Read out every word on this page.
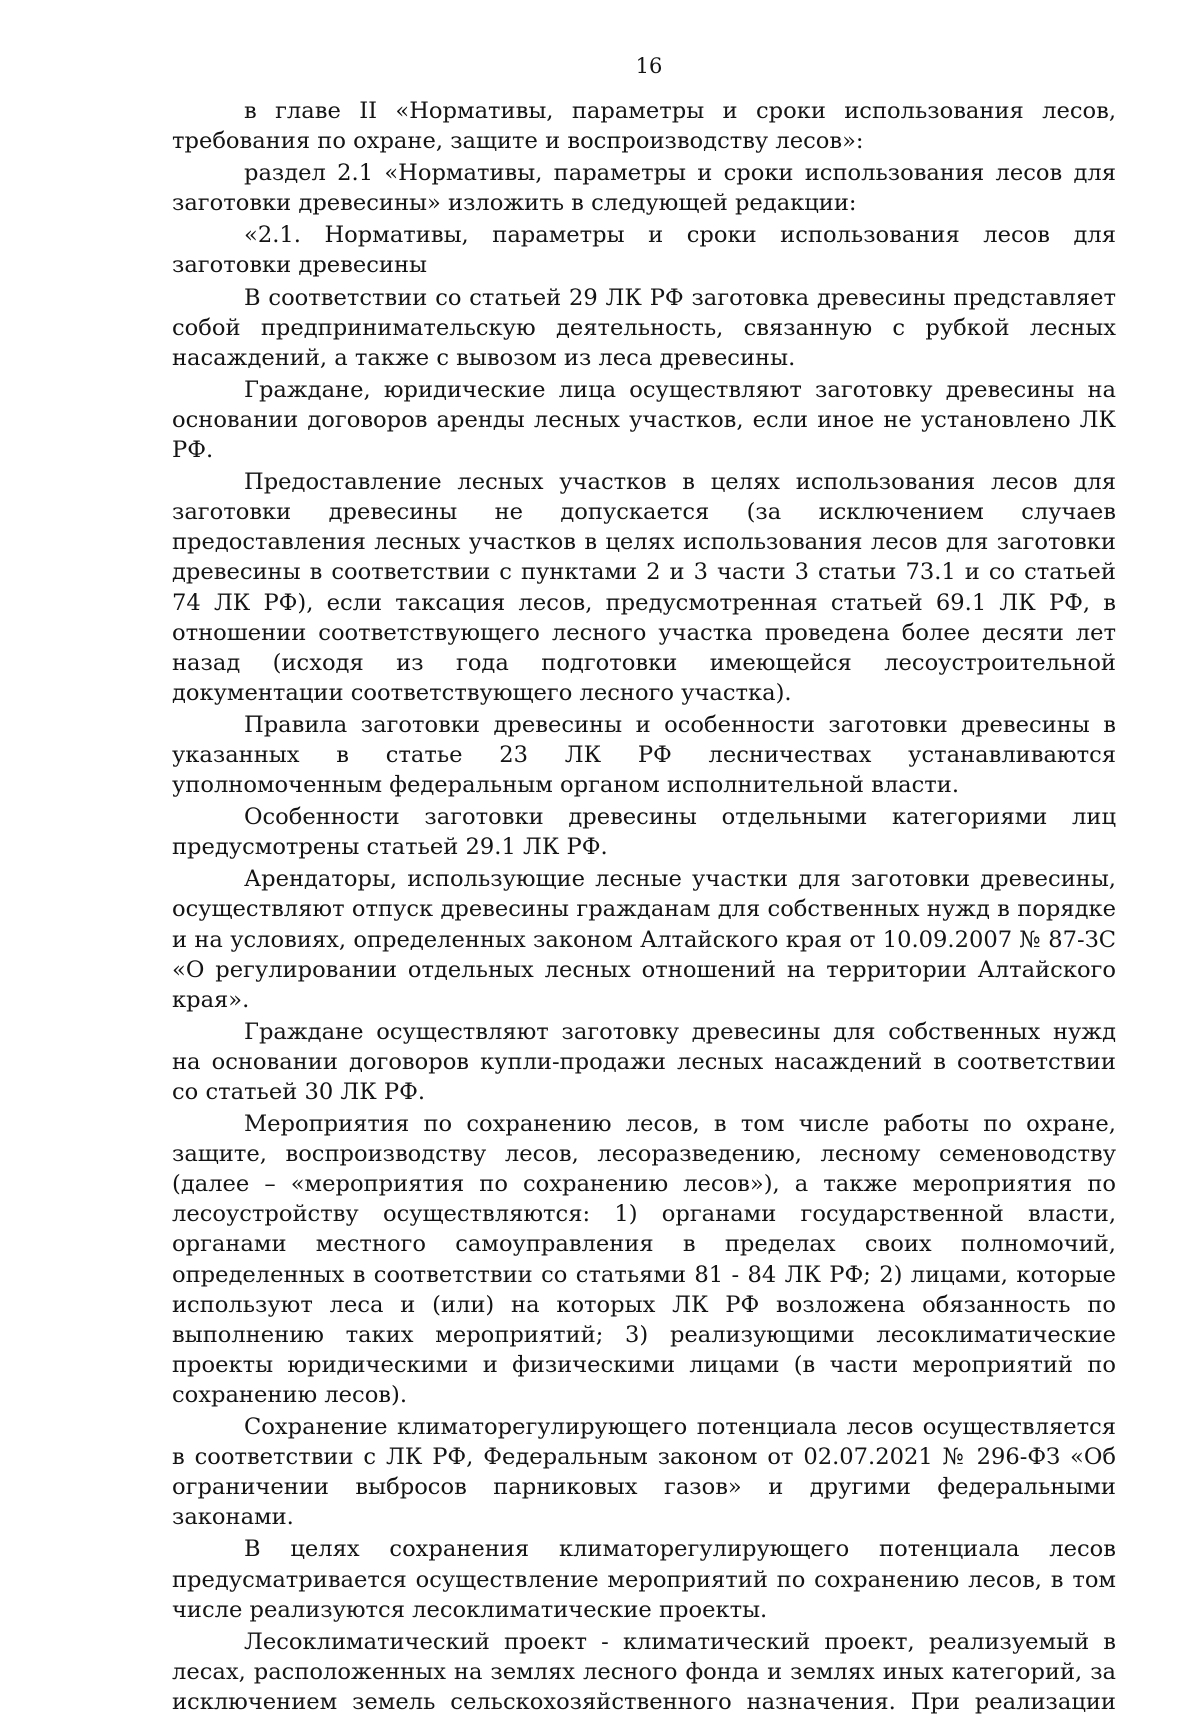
16

в главе II «Нормативы, параметры и сроки использования лесов, требования по охране, защите и воспроизводству лесов»:

раздел 2.1 «Нормативы, параметры и сроки использования лесов для заготовки древесины» изложить в следующей редакции:

«2.1. Нормативы, параметры и сроки использования лесов для заготовки древесины

В соответствии со статьей 29 ЛК РФ заготовка древесины представляет собой предпринимательскую деятельность, связанную с рубкой лесных насаждений, а также с вывозом из леса древесины.

Граждане, юридические лица осуществляют заготовку древесины на основании договоров аренды лесных участков, если иное не установлено ЛК РФ.

Предоставление лесных участков в целях использования лесов для заготовки древесины не допускается (за исключением случаев предоставления лесных участков в целях использования лесов для заготовки древесины в соответствии с пунктами 2 и 3 части 3 статьи 73.1 и со статьей 74 ЛК РФ), если таксация лесов, предусмотренная статьей 69.1 ЛК РФ, в отношении соответствующего лесного участка проведена более десяти лет назад (исходя из года подготовки имеющейся лесоустроительной документации соответствующего лесного участка).

Правила заготовки древесины и особенности заготовки древесины в указанных в статье 23 ЛК РФ лесничествах устанавливаются уполномоченным федеральным органом исполнительной власти.

Особенности заготовки древесины отдельными категориями лиц предусмотрены статьей 29.1 ЛК РФ.

Арендаторы, использующие лесные участки для заготовки древесины, осуществляют отпуск древесины гражданам для собственных нужд в порядке и на условиях, определенных законом Алтайского края от 10.09.2007 № 87-ЗС «О регулировании отдельных лесных отношений на территории Алтайского края».

Граждане осуществляют заготовку древесины для собственных нужд на основании договоров купли-продажи лесных насаждений в соответствии со статьей 30 ЛК РФ.

Мероприятия по сохранению лесов, в том числе работы по охране, защите, воспроизводству лесов, лесоразведению, лесному семеноводству (далее – «мероприятия по сохранению лесов»), а также мероприятия по лесоустройству осуществляются: 1) органами государственной власти, органами местного самоуправления в пределах своих полномочий, определенных в соответствии со статьями 81 - 84 ЛК РФ; 2) лицами, которые используют леса и (или) на которых ЛК РФ возложена обязанность по выполнению таких мероприятий; 3) реализующими лесоклиматические проекты юридическими и физическими лицами (в части мероприятий по сохранению лесов).

Сохранение климаторегулирующего потенциала лесов осуществляется в соответствии с ЛК РФ, Федеральным законом от 02.07.2021 № 296-ФЗ «Об ограничении выбросов парниковых газов» и другими федеральными законами.

В целях сохранения климаторегулирующего потенциала лесов предусматривается осуществление мероприятий по сохранению лесов, в том числе реализуются лесоклиматические проекты.

Лесоклиматический проект - климатический проект, реализуемый в лесах, расположенных на землях лесного фонда и землях иных категорий, за исключением земель сельскохозяйственного назначения. При реализации
